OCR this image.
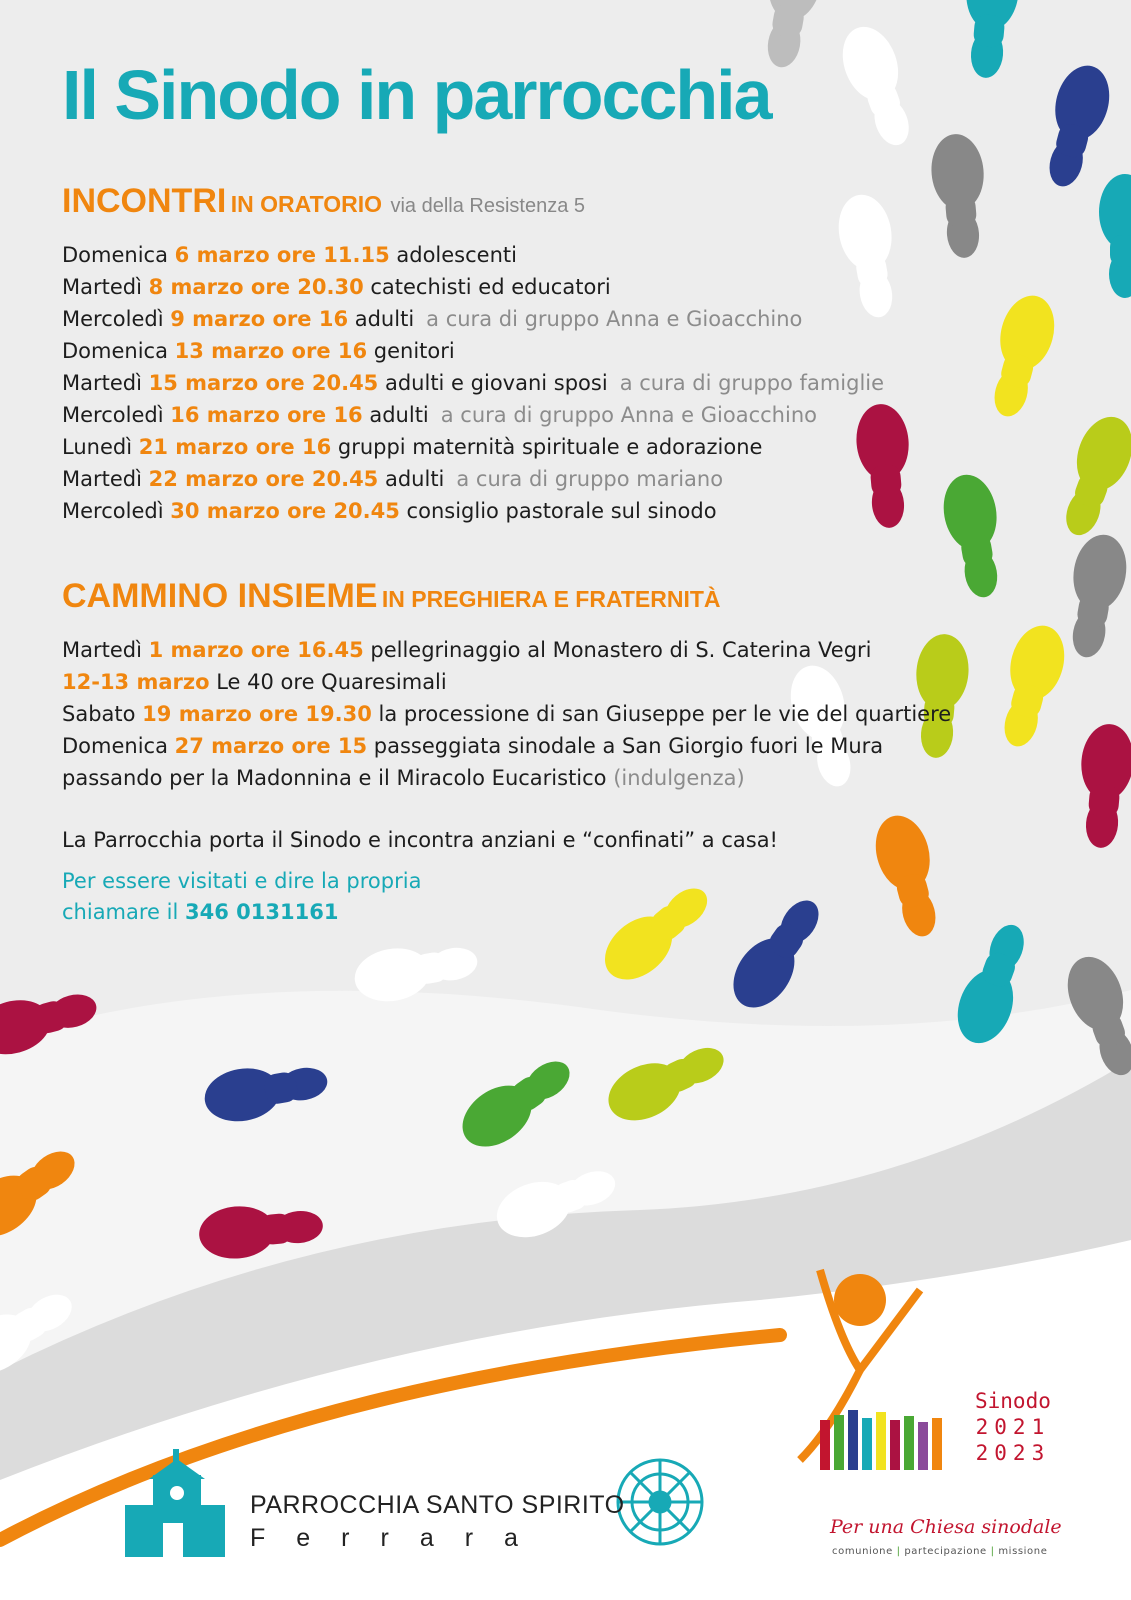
Il Sinodo in parrocchia
INCONTRI IN ORATORIO via della Resistenza 5
Domenica 6 marzo ore 11.15 adolescenti
Martedì 8 marzo ore 20.30 catechisti ed educatori
Mercoledì 9 marzo ore 16 adulti a cura di gruppo Anna e Gioacchino
Domenica 13 marzo ore 16 genitori
Martedì 15 marzo ore 20.45 adulti e giovani sposi a cura di gruppo famiglie
Mercoledì 16 marzo ore 16 adulti a cura di gruppo Anna e Gioacchino
Lunedì 21 marzo ore 16 gruppi maternità spirituale e adorazione
Martedì 22 marzo ore 20.45 adulti a cura di gruppo mariano
Mercoledì 30 marzo ore 20.45 consiglio pastorale sul sinodo
CAMMINO INSIEME IN PREGHIERA E FRATERNITÀ
Martedì 1 marzo ore 16.45 pellegrinaggio al Monastero di S. Caterina Vegri
12-13 marzo Le 40 ore Quaresimali
Sabato 19 marzo ore 19.30 la processione di san Giuseppe per le vie del quartiere
Domenica 27 marzo ore 15 passeggiata sinodale a San Giorgio fuori le Mura
passando per la Madonnina e il Miracolo Eucaristico (indulgenza)
La Parrocchia porta il Sinodo e incontra anziani e “confinati” a casa!
Per essere visitati e dire la propria
chiamare il 346 0131161
PARROCCHIA SANTO SPIRITO
Ferrara
Sinodo
2021
2023
Per una Chiesa sinodale
comunione | partecipazione | missione
